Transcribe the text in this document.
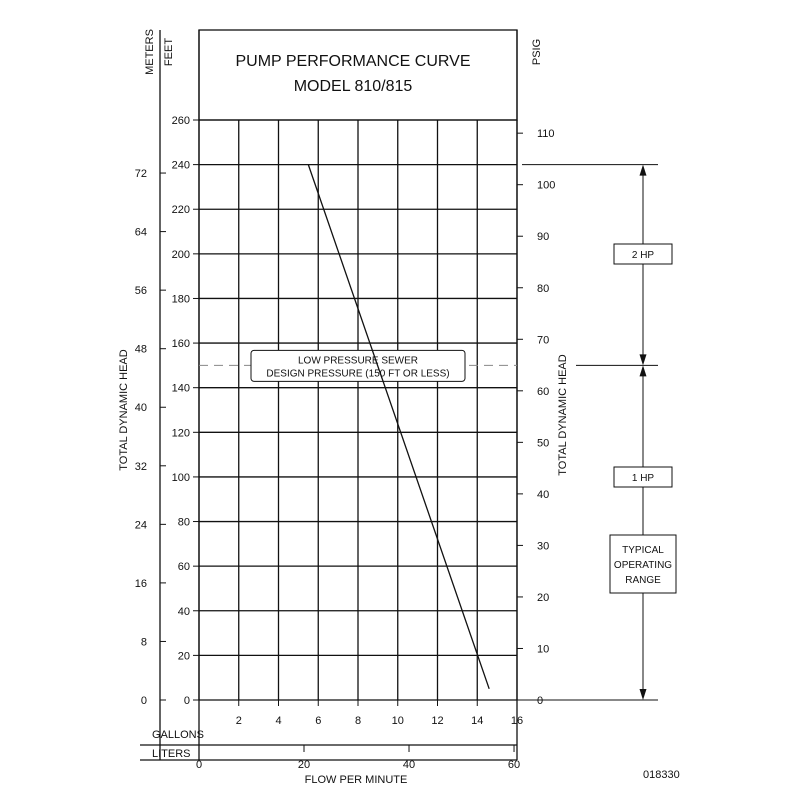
PUMP PERFORMANCE CURVE
MODEL 810/815
METERS FEET	PSIG
TOTAL DYNAMIC HEAD	TOTAL DYNAMIC HEAD
GALLONS
LITERS
FLOW PER MINUTE	018330
0
20
40
60
80
100
120
140
160
180
200
220
240
260
0
8
16
24
32
40
48
56
64
72
0
10
20
30
40
50
60
70
80
90
100
110
2	4	6	8	10	12	14	16
0	20	40	60
LOW PRESSURE SEWER
DESIGN PRESSURE (150 FT OR LESS)
2 HP
1 HP
TYPICAL
OPERATING
RANGE
